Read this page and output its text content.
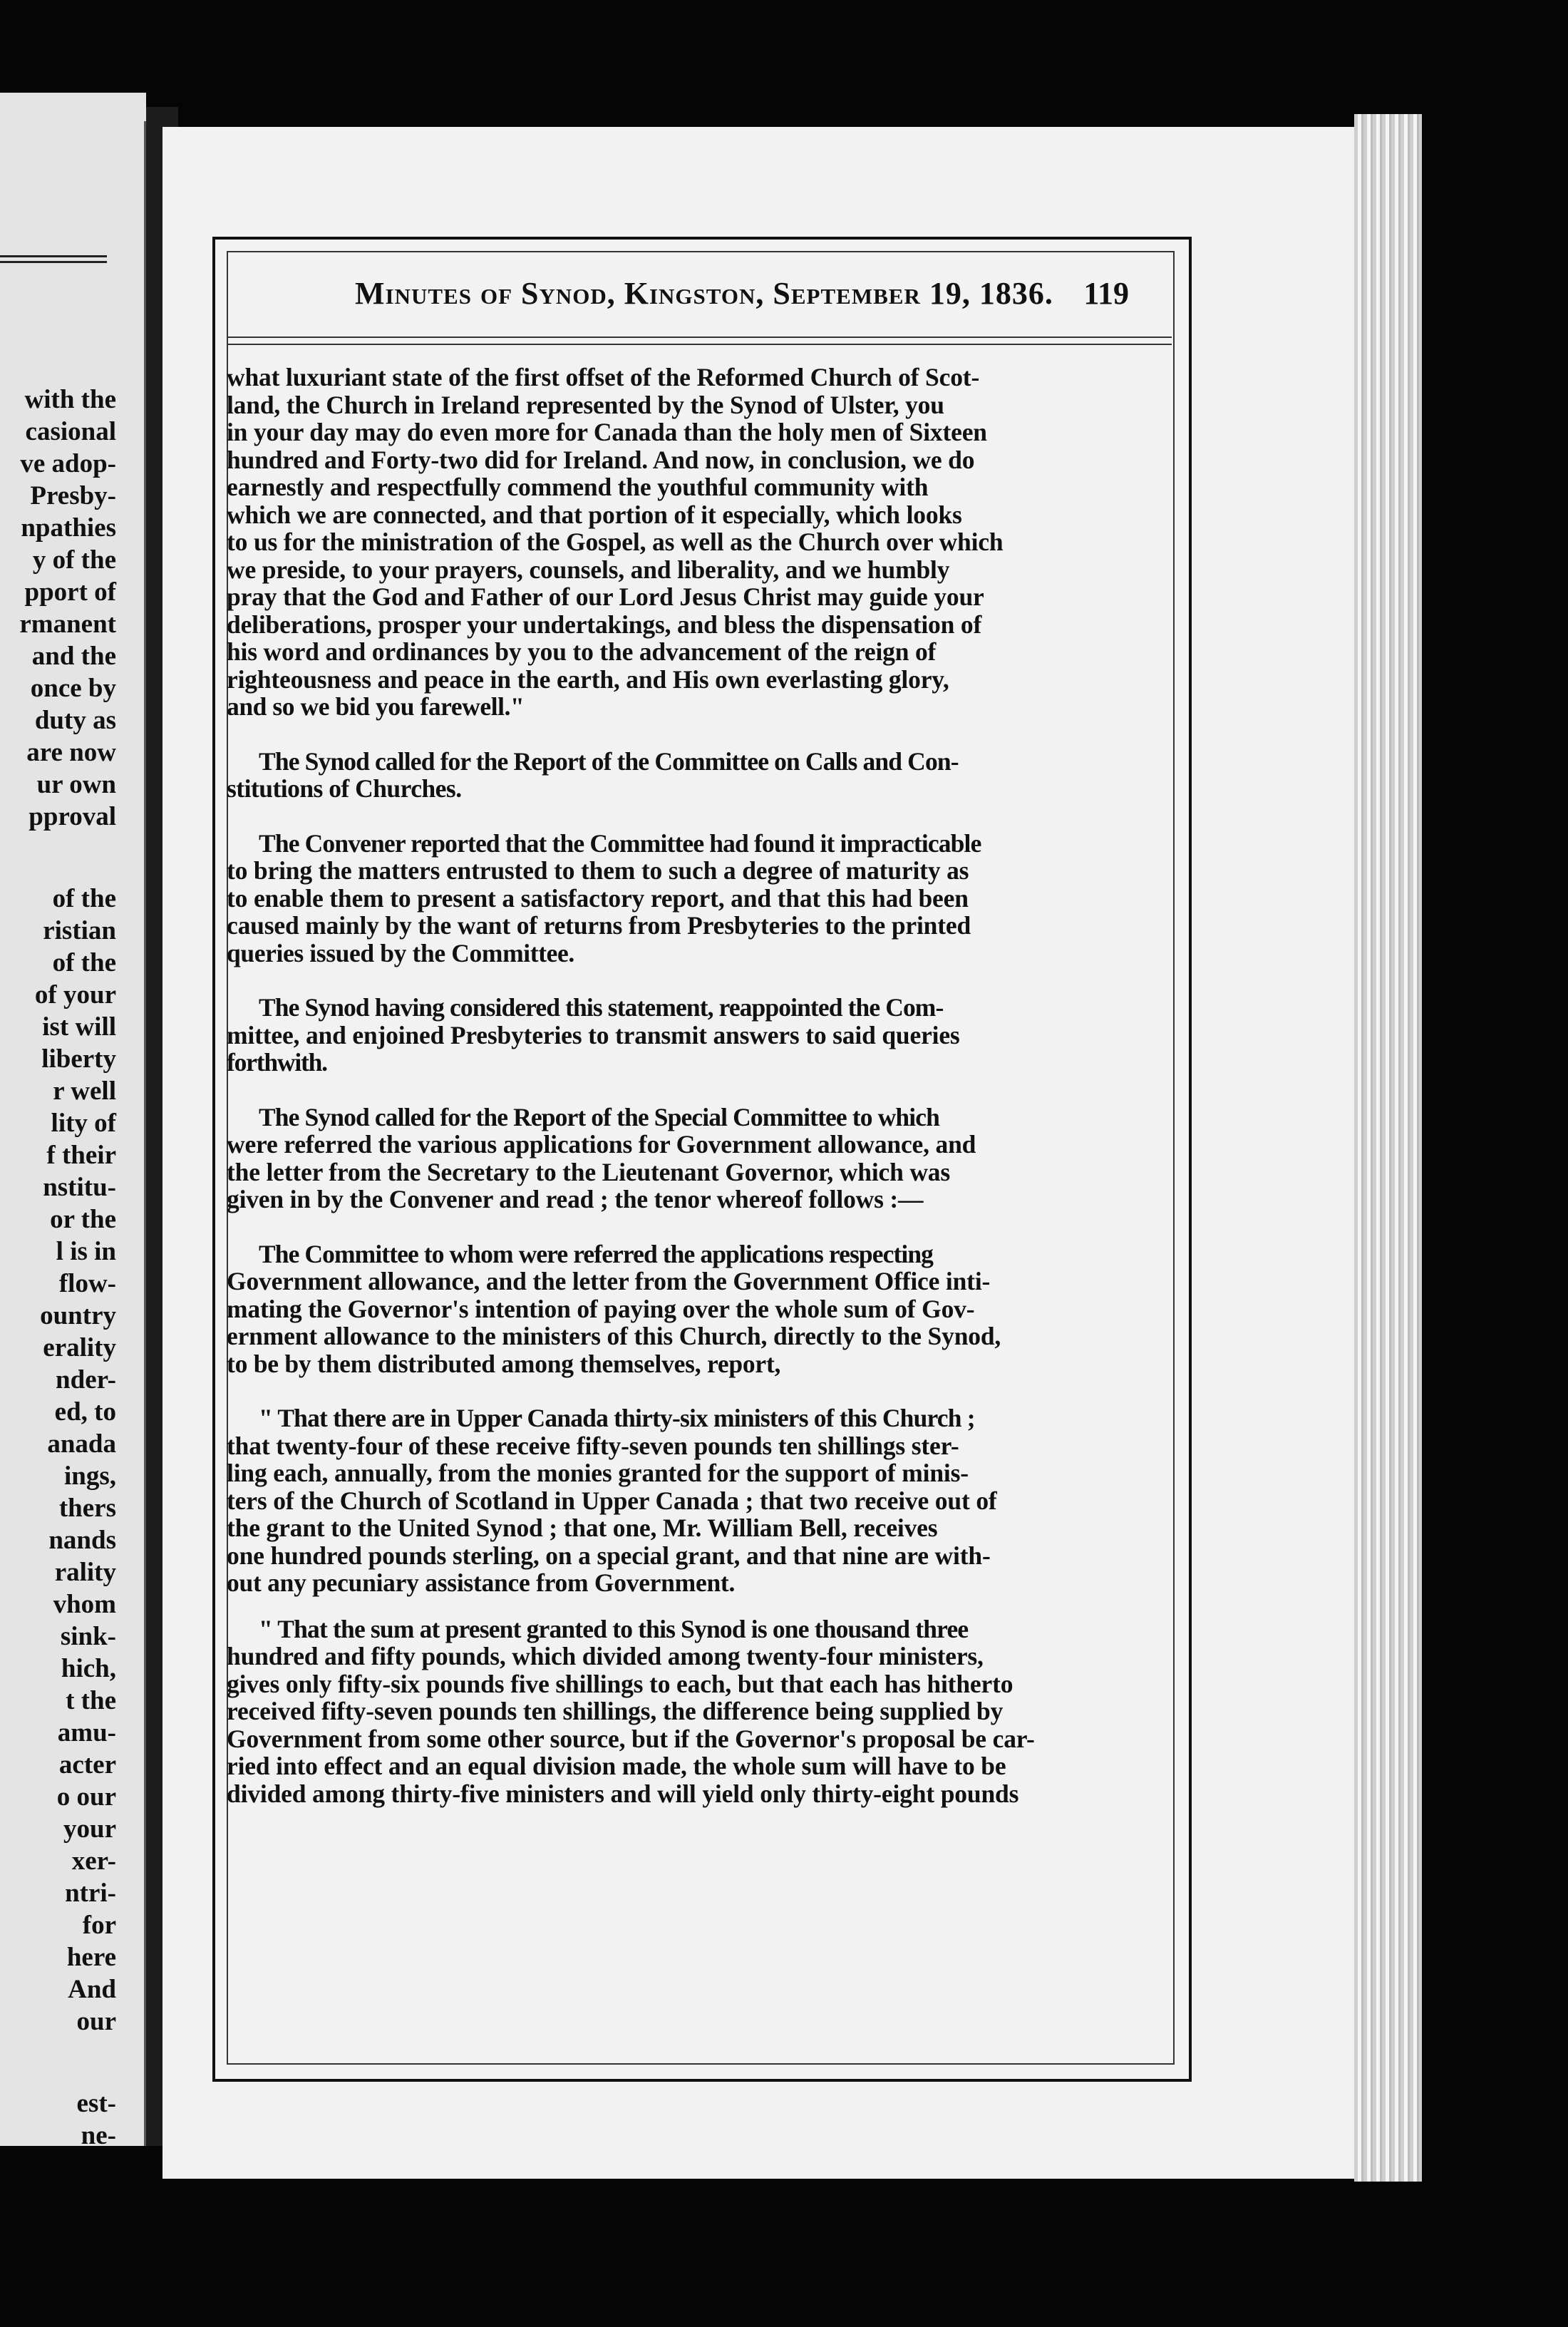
with the
casional
ve adop-
Presby-
npathies
y of the
pport of
rmanent
and the
once by
duty as
are now
ur own
pproval
of the
ristian
of the
of your
ist will
liberty
r well
lity of
f their
nstitu-
or the
l is in
flow-
ountry
erality
nder-
ed, to
anada
ings,
thers
nands
rality
vhom
sink-
hich,
t the
amu-
acter
o our
your
xer-
ntri-
for
here
And
our
est-
ne-
Minutes of Synod, Kingston, September 19, 1836. 119

what luxuriant state of the first offset of the Reformed Church of Scot-
land, the Church in Ireland represented by the Synod of Ulster, you
in your day may do even more for Canada than the holy men of Sixteen
hundred and Forty-two did for Ireland. And now, in conclusion, we do
earnestly and respectfully commend the youthful community with
which we are connected, and that portion of it especially, which looks
to us for the ministration of the Gospel, as well as the Church over which
we preside, to your prayers, counsels, and liberality, and we humbly
pray that the God and Father of our Lord Jesus Christ may guide your
deliberations, prosper your undertakings, and bless the dispensation of
his word and ordinances by you to the advancement of the reign of
righteousness and peace in the earth, and His own everlasting glory,
and so we bid you farewell."

The Synod called for the Report of the Committee on Calls and Con-
stitutions of Churches.

The Convener reported that the Committee had found it impracticable
to bring the matters entrusted to them to such a degree of maturity as
to enable them to present a satisfactory report, and that this had been
caused mainly by the want of returns from Presbyteries to the printed
queries issued by the Committee.

The Synod having considered this statement, reappointed the Com-
mittee, and enjoined Presbyteries to transmit answers to said queries
forthwith.

The Synod called for the Report of the Special Committee to which
were referred the various applications for Government allowance, and
the letter from the Secretary to the Lieutenant Governor, which was
given in by the Convener and read ; the tenor whereof follows :—

The Committee to whom were referred the applications respecting
Government allowance, and the letter from the Government Office inti-
mating the Governor's intention of paying over the whole sum of Gov-
ernment allowance to the ministers of this Church, directly to the Synod,
to be by them distributed among themselves, report,

" That there are in Upper Canada thirty-six ministers of this Church ;
that twenty-four of these receive fifty-seven pounds ten shillings ster-
ling each, annually, from the monies granted for the support of minis-
ters of the Church of Scotland in Upper Canada ; that two receive out of
the grant to the United Synod ; that one, Mr. William Bell, receives
one hundred pounds sterling, on a special grant, and that nine are with-
out any pecuniary assistance from Government.

" That the sum at present granted to this Synod is one thousand three
hundred and fifty pounds, which divided among twenty-four ministers,
gives only fifty-six pounds five shillings to each, but that each has hitherto
received fifty-seven pounds ten shillings, the difference being supplied by
Government from some other source, but if the Governor's proposal be car-
ried into effect and an equal division made, the whole sum will have to be
divided among thirty-five ministers and will yield only thirty-eight pounds
